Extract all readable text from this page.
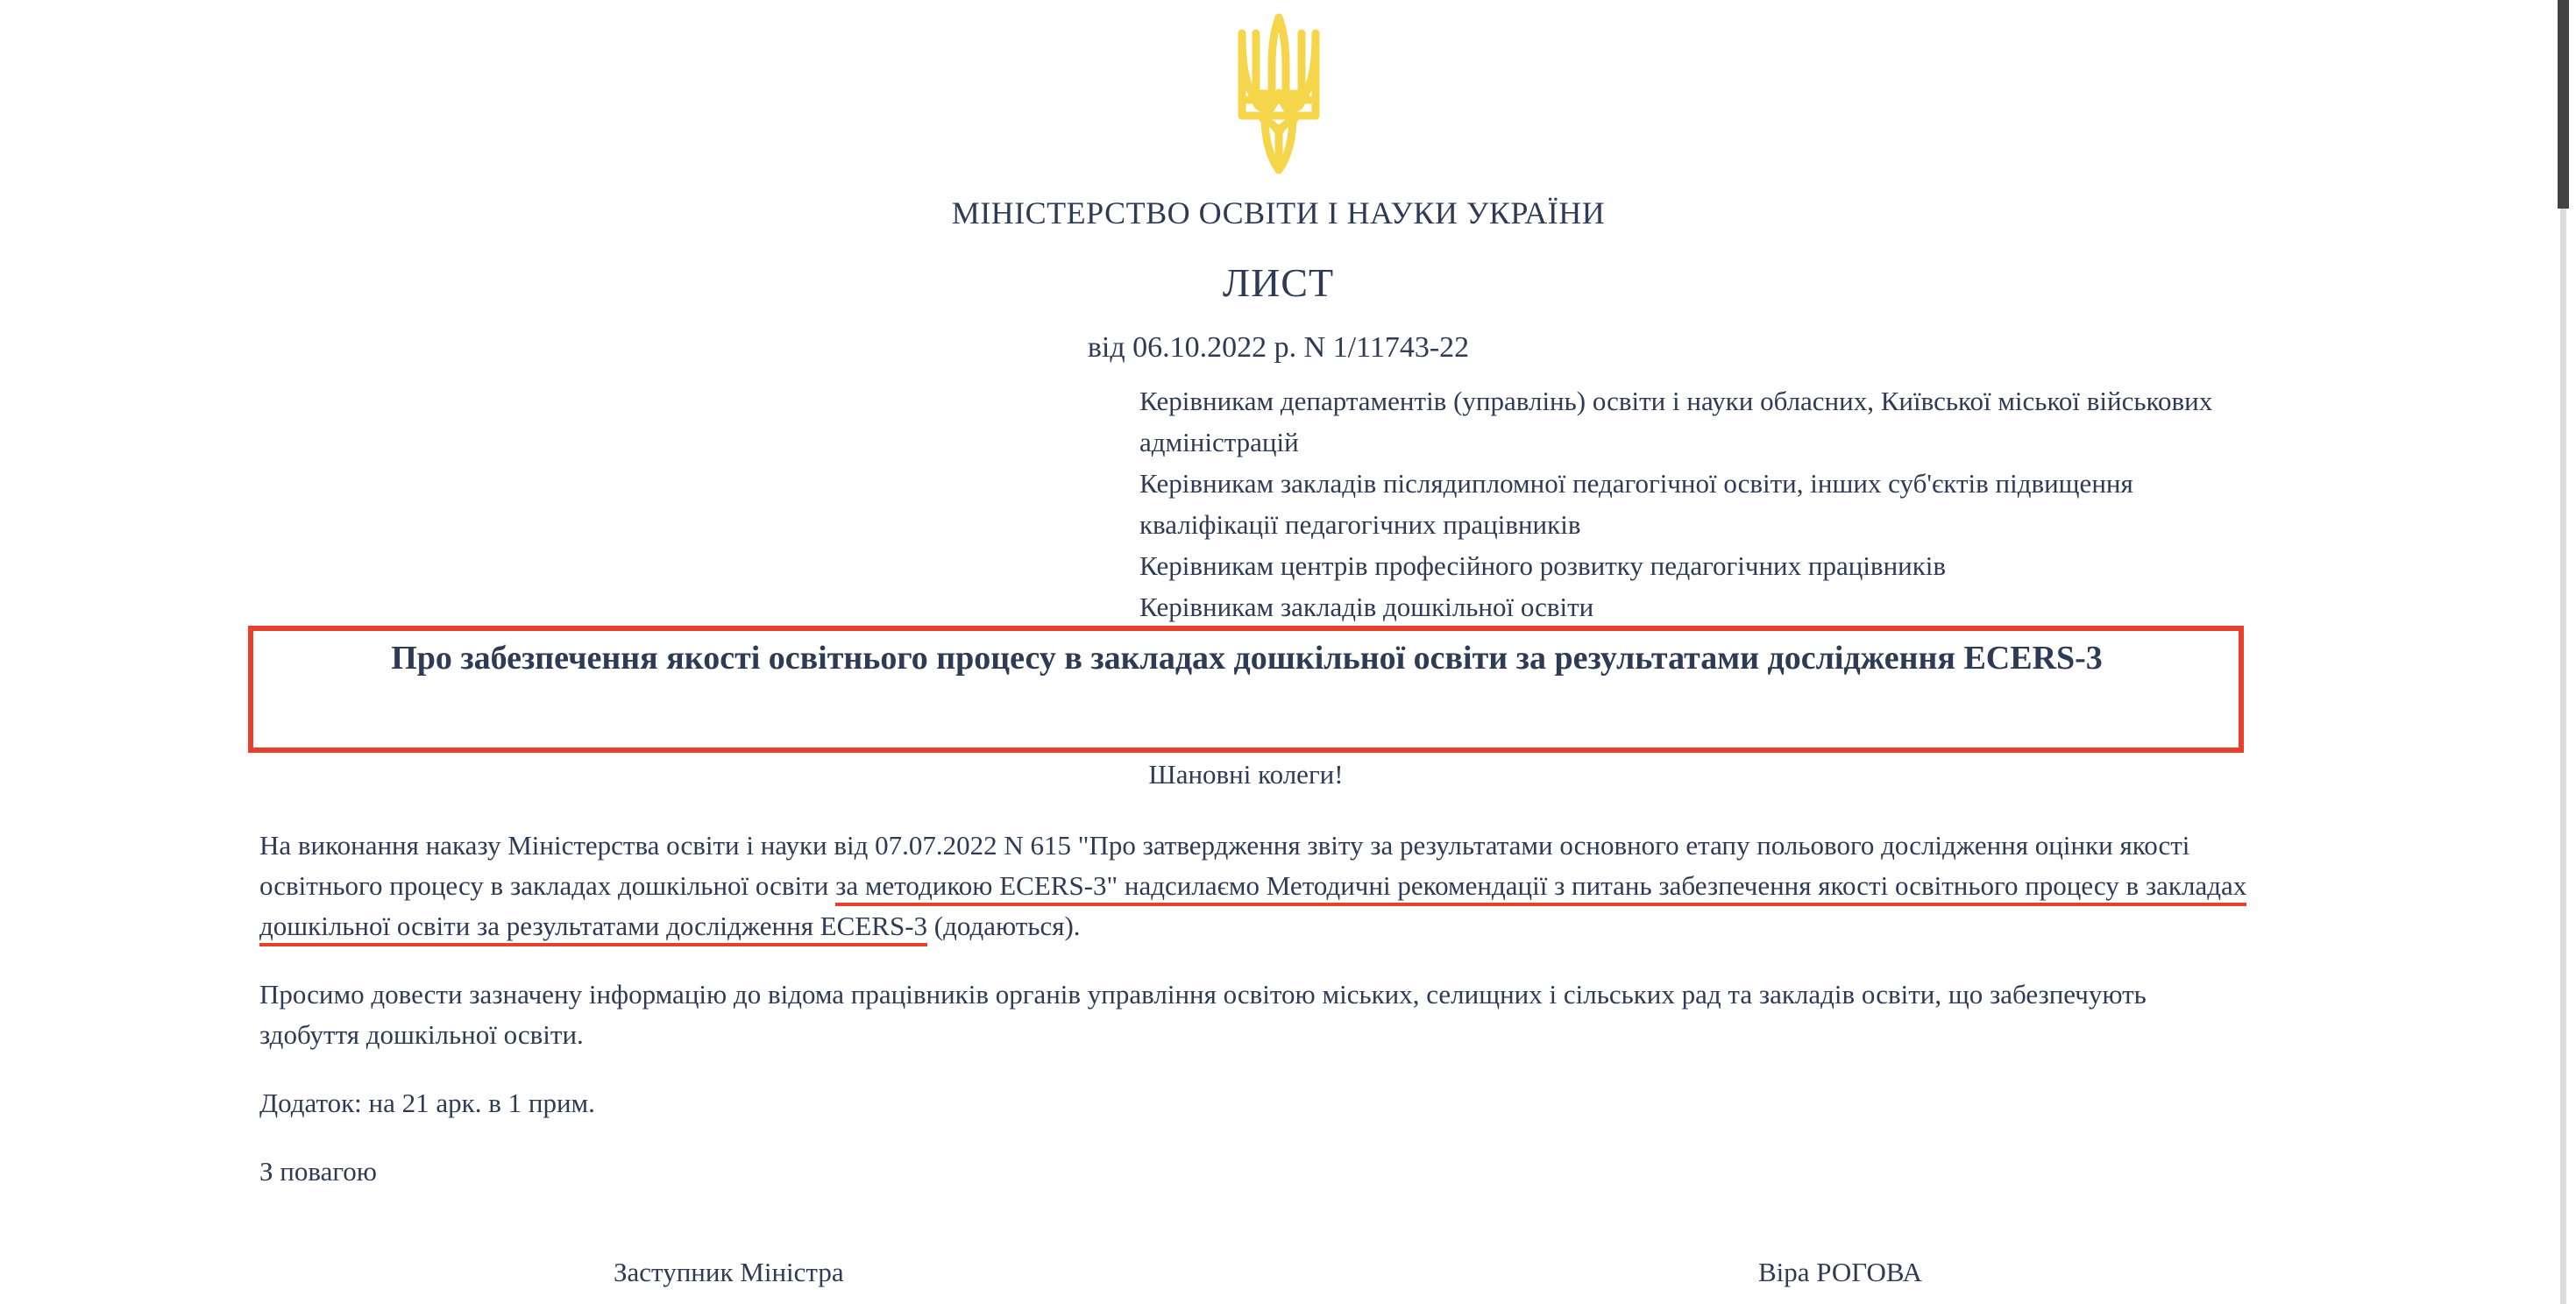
МІНІСТЕРСТВО ОСВІТИ І НАУКИ УКРАЇНИ
ЛИСТ
від 06.10.2022 р. N 1/11743-22
Керівникам департаментів (управлінь) освіти і науки обласних, Київської міської військових адміністрацій
Керівникам закладів післядипломної педагогічної освіти, інших суб'єктів підвищення кваліфікації педагогічних працівників
Керівникам центрів професійного розвитку педагогічних працівників
Керівникам закладів дошкільної освіти
Про забезпечення якості освітнього процесу в закладах дошкільної освіти за результатами дослідження ECERS-3
Шановні колеги!

На виконання наказу Міністерства освіти і науки від 07.07.2022 N 615 "Про затвердження звіту за результатами основного етапу польового дослідження оцінки якості освітнього процесу в закладах дошкільної освіти за методикою ECERS-3" надсилаємо Методичні рекомендації з питань забезпечення якості освітнього процесу в закладах дошкільної освіти за результатами дослідження ECERS-3 (додаються).

Просимо довести зазначену інформацію до відома працівників органів управління освітою міських, селищних і сільських рад та закладів освіти, що забезпечують здобуття дошкільної освіти.

Додаток: на 21 арк. в 1 прим.

З повагою

Заступник Міністра	Віра РОГОВА
